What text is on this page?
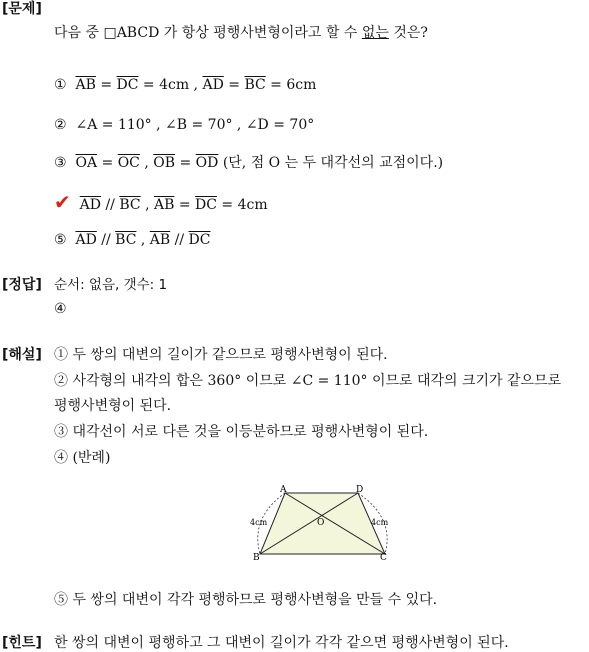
[문제]
다음 중 □ABCD 가 항상 평행사변형이라고 할 수 없는 것은?
① $\overline{AB} = \overline{DC} = 4cm$ , $\overline{AD} = \overline{BC} = 6cm$
② ∠A = 110° , ∠B = 70° , ∠D = 70°
③ $\overline{OA} = \overline{OC}$ , $\overline{OB} = \overline{OD}$ (단, 점 O 는 두 대각선의 교점이다.)
✔ $\overline{AD} // \overline{BC}$ , $\overline{AB} = \overline{DC} = 4cm$
⑤ $\overline{AD} // \overline{BC}$ , $\overline{AB} // \overline{DC}$
[정답] 순서: 없음, 갯수: 1
④
[해설] ① 두 쌍의 대변의 길이가 같으므로 평행사변형이 된다.
② 사각형의 내각의 합은 360° 이므로 ∠C = 110° 이므로 대각의 크기가 같으므로
평행사변형이 된다.
③ 대각선이 서로 다른 것을 이등분하므로 평행사변형이 된다.
④ (반례)
A	D
B	C
O
4cm	4cm
⑤ 두 쌍의 대변이 각각 평행하므로 평행사변형을 만들 수 있다.
[힌트] 한 쌍의 대변이 평행하고 그 대변이 길이가 각각 같으면 평행사변형이 된다.
